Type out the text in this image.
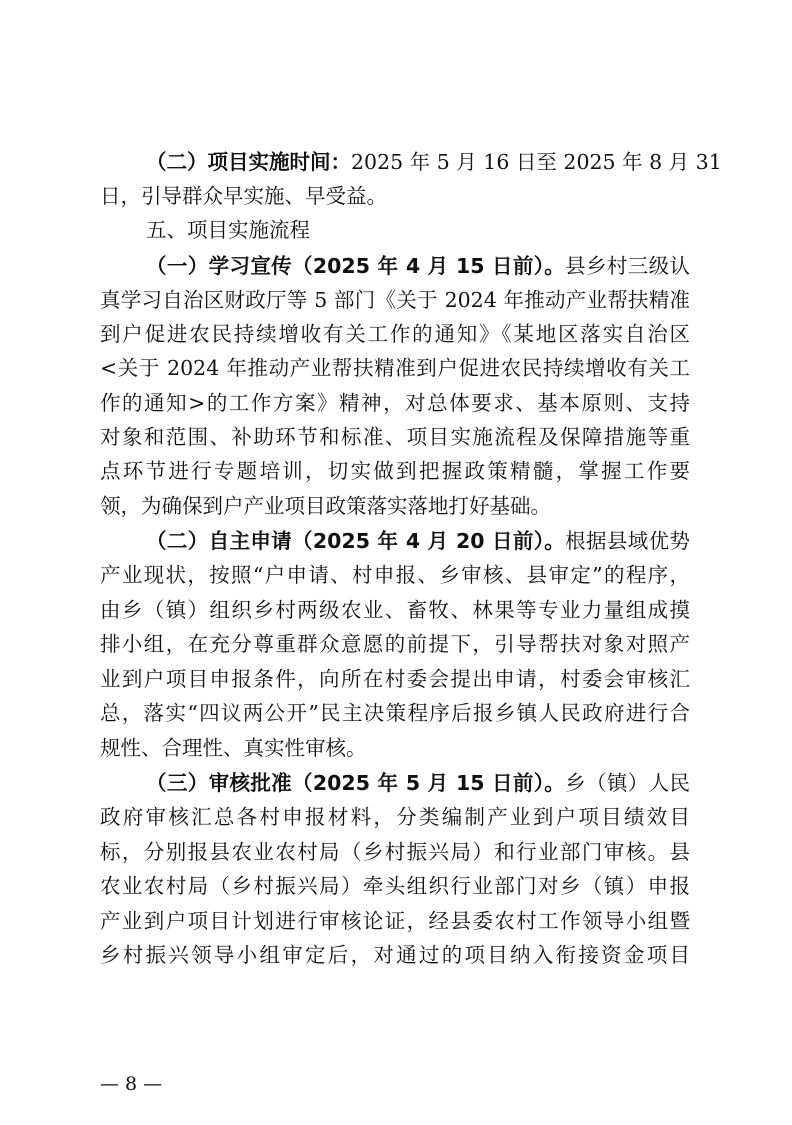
（二）项目实施时间：2025 年 5 月 16 日至 2025 年 8 月 31
日，引导群众早实施、早受益。
五、项目实施流程
（一）学习宣传（2025 年 4 月 15 日前）。县乡村三级认
真学习自治区财政厅等 5 部门《关于 2024 年推动产业帮扶精准
到户促进农民持续增收有关工作的通知》《某地区落实自治区
<关于 2024 年推动产业帮扶精准到户促进农民持续增收有关工
作的通知>的工作方案》精神，对总体要求、基本原则、支持
对象和范围、补助环节和标准、项目实施流程及保障措施等重
点环节进行专题培训，切实做到把握政策精髓，掌握工作要
领，为确保到户产业项目政策落实落地打好基础。
（二）自主申请（2025 年 4 月 20 日前）。根据县域优势
产业现状，按照“户申请、村申报、乡审核、县审定”的程序，
由乡（镇）组织乡村两级农业、畜牧、林果等专业力量组成摸
排小组，在充分尊重群众意愿的前提下，引导帮扶对象对照产
业到户项目申报条件，向所在村委会提出申请，村委会审核汇
总，落实“四议两公开”民主决策程序后报乡镇人民政府进行合
规性、合理性、真实性审核。
（三）审核批准（2025 年 5 月 15 日前）。乡（镇）人民
政府审核汇总各村申报材料，分类编制产业到户项目绩效目
标，分别报县农业农村局（乡村振兴局）和行业部门审核。县
农业农村局（乡村振兴局）牵头组织行业部门对乡（镇）申报
产业到户项目计划进行审核论证，经县委农村工作领导小组暨
乡村振兴领导小组审定后，对通过的项目纳入衔接资金项目
— 8 —
